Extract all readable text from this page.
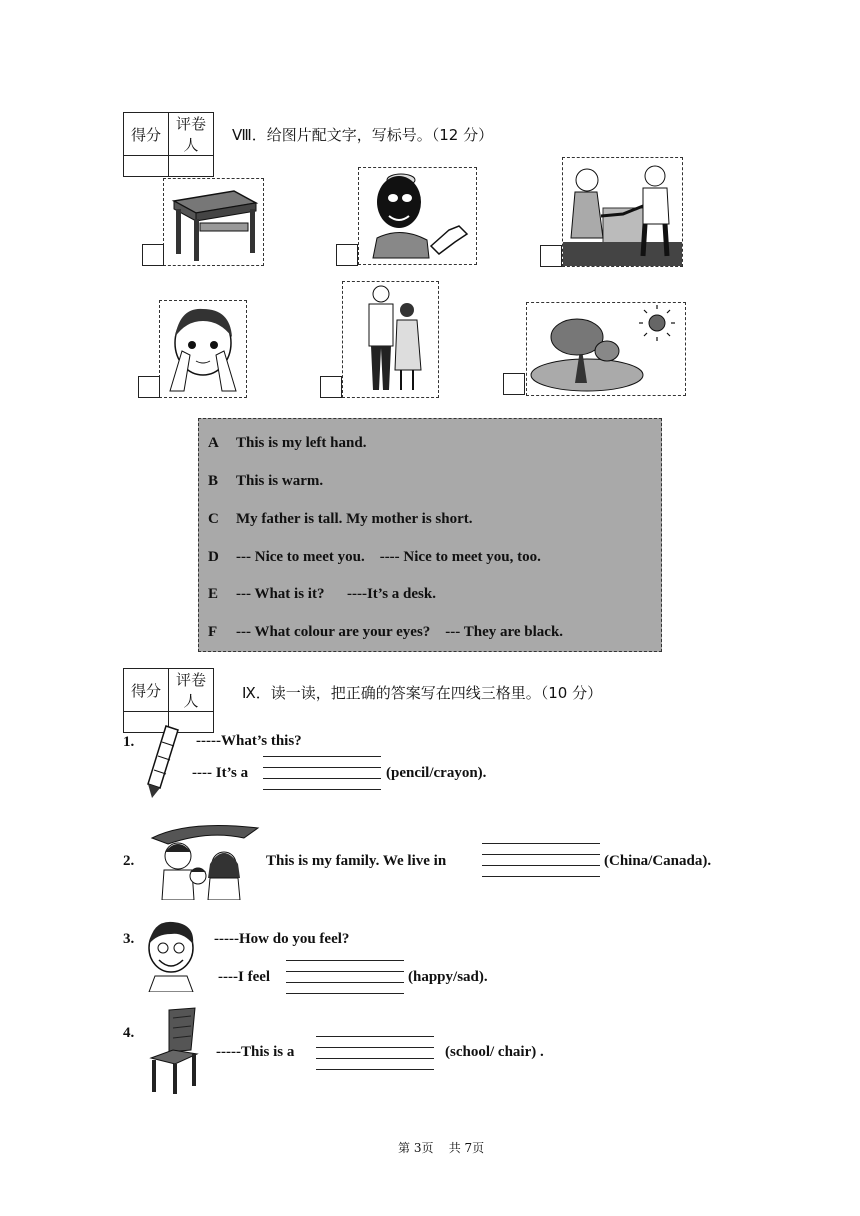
得分	评卷人

Ⅷ．给图片配文字，写标号。（12 分）
A This is my left hand.
B This is warm.
C My father is tall. My mother is short.
D --- Nice to meet you.    ---- Nice to meet you, too.
E --- What is it?      ----It’s a desk.
F --- What colour are your eyes?    --- They are black.
得分	评卷人
		Ⅸ．读一读，把正确的答案写在四线三格里。（10 分）
1.	-----What’s this?
---- It’s a	(pencil/crayon).
2.	This is my family. We live in	(China/Canada).
3.	-----How do you feel?
----I feel	(happy/sad).
4.
-----This is a	(school/ chair) .
第 3页    共 7页
